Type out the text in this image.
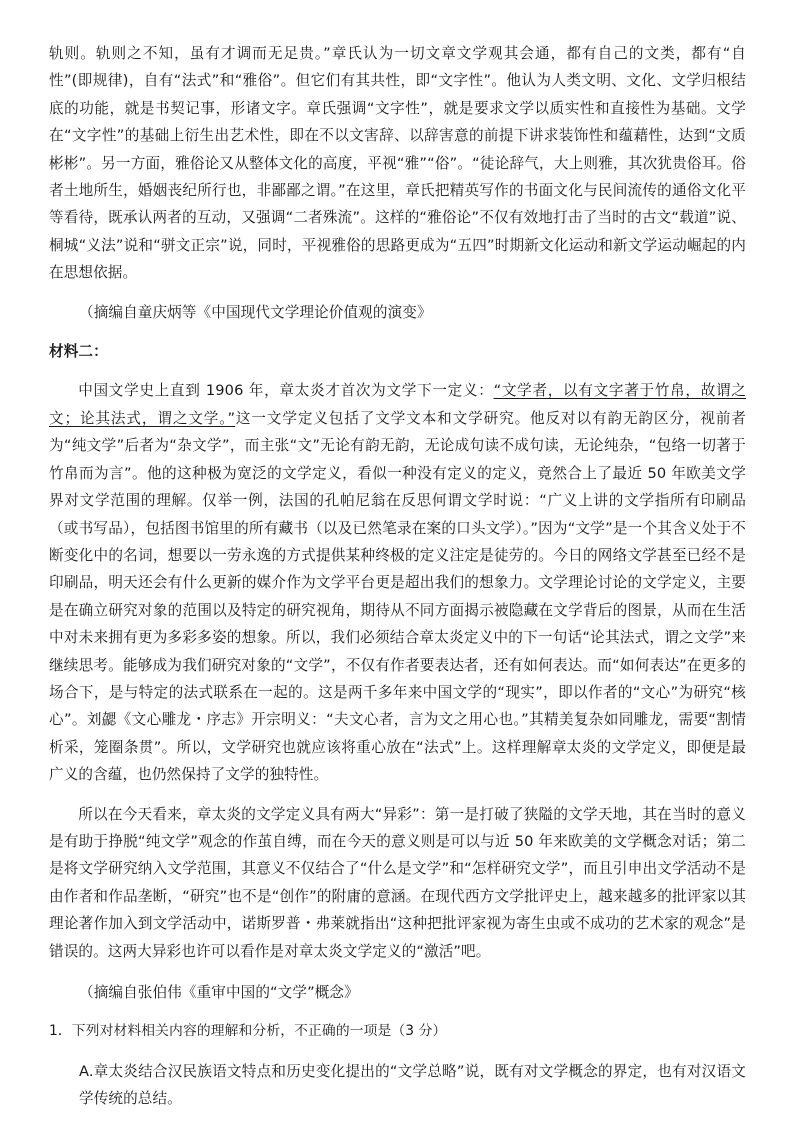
轨则。轨则之不知，虽有才调而无足贵。”章氏认为一切文章文学观其会通，都有自己的文类，都有“自性”(即规律)，自有“法式”和“雅俗”。但它们有其共性，即“文字性”。他认为人类文明、文化、文学归根结底的功能，就是书契记事，形诸文字。章氏强调“文字性”，就是要求文学以质实性和直接性为基础。文学在“文字性”的基础上衍生出艺术性，即在不以文害辞、以辞害意的前提下讲求装饰性和蕴藉性，达到“文质彬彬”。另一方面，雅俗论又从整体文化的高度，平视“雅”“俗”。“徒论辞气，大上则雅，其次犹贵俗耳。俗者土地所生，婚姻丧纪所行也，非鄙鄙之谓。”在这里，章氏把精英写作的书面文化与民间流传的通俗文化平等看待，既承认两者的互动，又强调“二者殊流”。这样的“雅俗论”不仅有效地打击了当时的古文“载道”说、桐城“义法”说和“骈文正宗”说，同时，平视雅俗的思路更成为“五四”时期新文化运动和新文学运动崛起的内在思想依据。

（摘编自童庆炳等《中国现代文学理论价值观的演变》

材料二：

中国文学史上直到 1906 年，章太炎才首次为文学下一定义：“文学者，以有文字著于竹帛，故谓之文；论其法式，谓之文学。”这一文学定义包括了文学文本和文学研究。他反对以有韵无韵区分，视前者为“纯文学”后者为“杂文学”，而主张“文”无论有韵无韵，无论成句读不成句读，无论纯杂，“包络一切著于竹帛而为言”。他的这种极为宽泛的文学定义，看似一种没有定义的定义，竟然合上了最近 50 年欧美文学界对文学范围的理解。仅举一例，法国的孔帕尼翁在反思何谓文学时说：“广义上讲的文学指所有印刷品（或书写品），包括图书馆里的所有藏书（以及已然笔录在案的口头文学）。”因为“文学”是一个其含义处于不断变化中的名词，想要以一劳永逸的方式提供某种终极的定义注定是徒劳的。今日的网络文学甚至已经不是印刷品，明天还会有什么更新的媒介作为文学平台更是超出我们的想象力。文学理论讨论的文学定义，主要是在确立研究对象的范围以及特定的研究视角，期待从不同方面揭示被隐藏在文学背后的图景，从而在生活中对未来拥有更为多彩多姿的想象。所以，我们必须结合章太炎定义中的下一句话“论其法式，谓之文学”来继续思考。能够成为我们研究对象的“文学”，不仅有作者要表达者，还有如何表达。而“如何表达”在更多的场合下，是与特定的法式联系在一起的。这是两千多年来中国文学的“现实”，即以作者的“文心”为研究“核心”。刘勰《文心雕龙・序志》开宗明义：“夫文心者，言为文之用心也。”其精美复杂如同雕龙，需要“割情析采，笼圈条贯”。所以，文学研究也就应该将重心放在“法式”上。这样理解章太炎的文学定义，即便是最广义的含蕴，也仍然保持了文学的独特性。

所以在今天看来，章太炎的文学定义具有两大“异彩”：第一是打破了狭隘的文学天地，其在当时的意义是有助于挣脱“纯文学”观念的作茧自缚，而在今天的意义则是可以与近 50 年来欧美的文学概念对话；第二是将文学研究纳入文学范围，其意义不仅结合了“什么是文学”和“怎样研究文学”，而且引申出文学活动不是由作者和作品垄断，“研究”也不是“创作”的附庸的意涵。在现代西方文学批评史上，越来越多的批评家以其理论著作加入到文学活动中，诺斯罗普・弗莱就指出“这种把批评家视为寄生虫或不成功的艺术家的观念”是错误的。这两大异彩也许可以看作是对章太炎文学定义的“激活”吧。

（摘编自张伯伟《重审中国的“文学”概念》

1．下列对材料相关内容的理解和分析，不正确的一项是（3 分）

A.章太炎结合汉民族语文特点和历史变化提出的“文学总略”说，既有对文学概念的界定，也有对汉语文学传统的总结。
